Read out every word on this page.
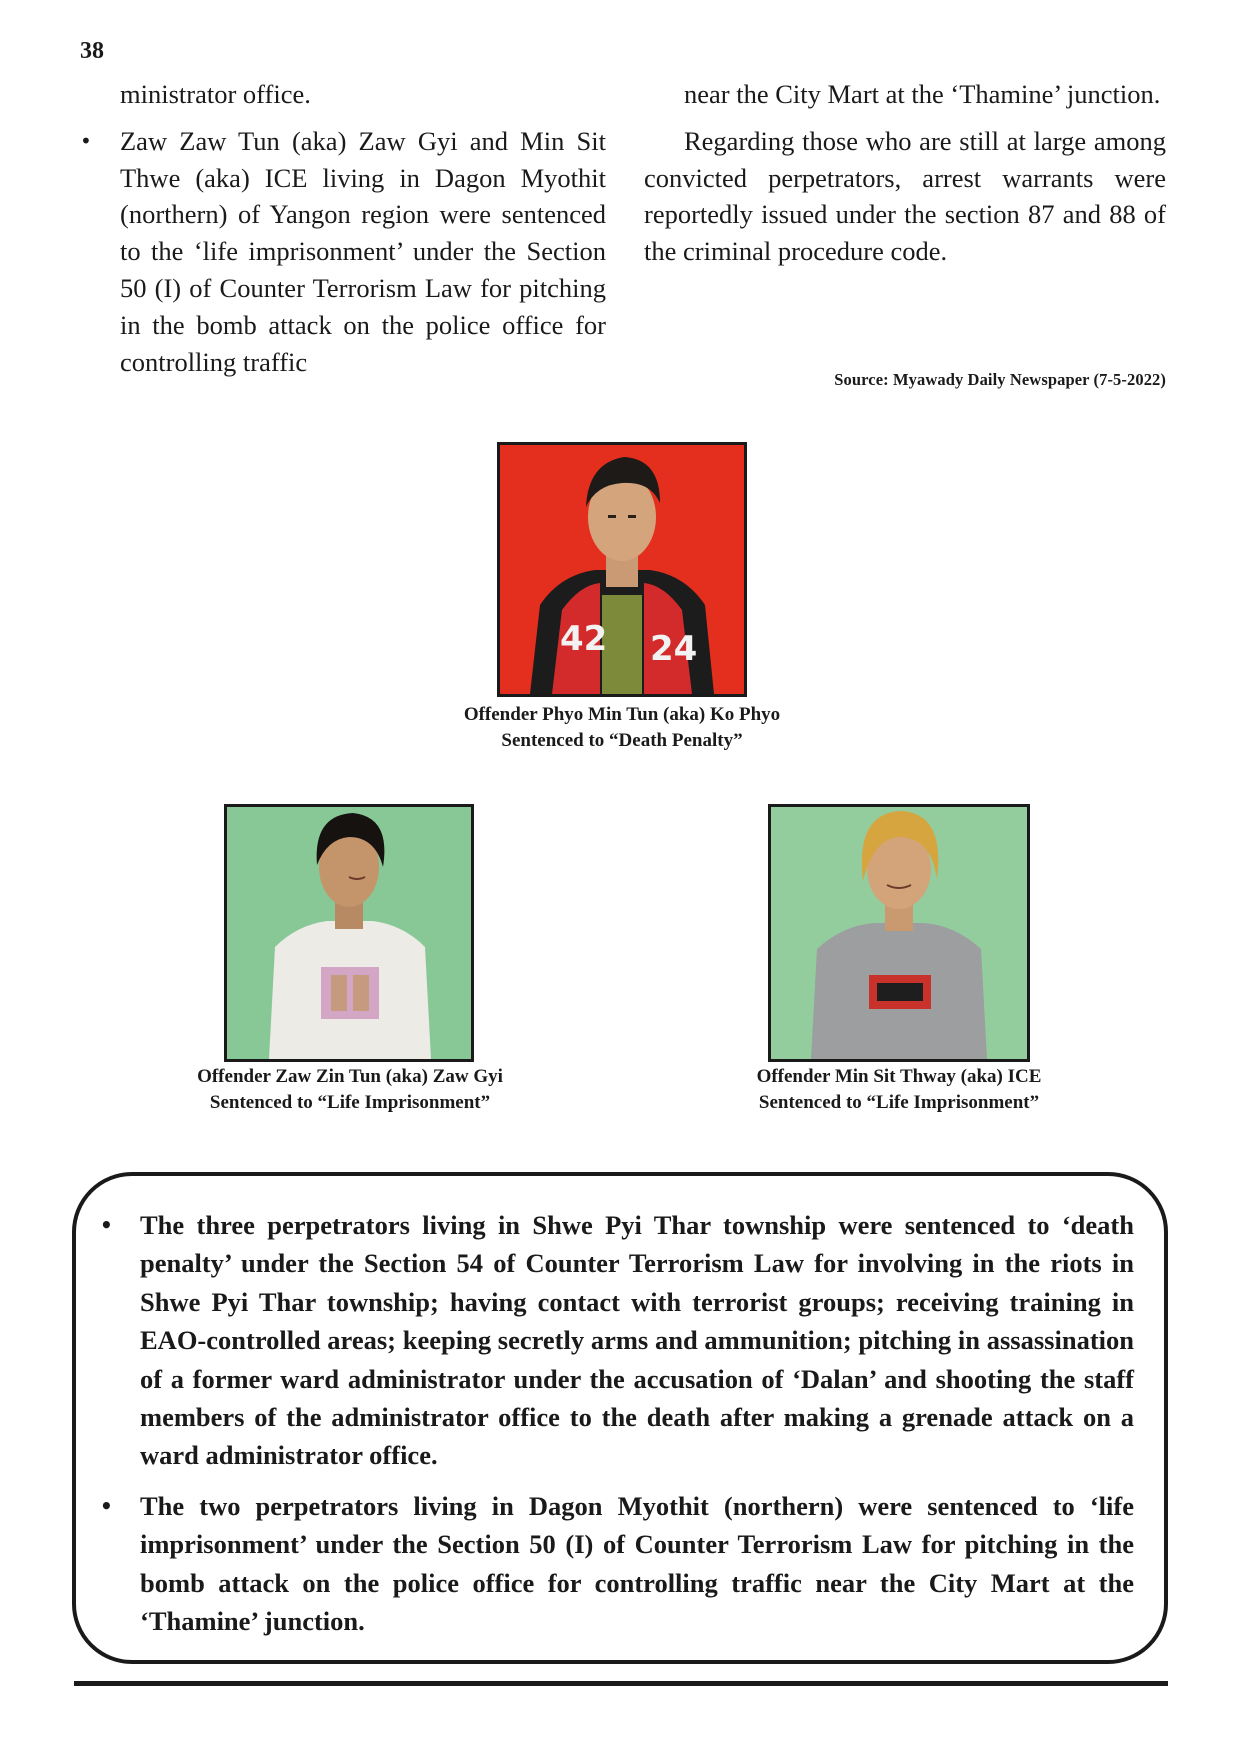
38

ministrator office.

• Zaw Zaw Tun (aka) Zaw Gyi and Min Sit Thwe (aka) ICE living in Dagon Myothit (northern) of Yangon region were sentenced to the ‘life imprisonment’ under the Section 50 (I) of Counter Terrorism Law for pitching in the bomb attack on the police office for controlling traffic

near the City Mart at the ‘Thamine’ junction.

Regarding those who are still at large among convicted perpetrators, arrest warrants were reportedly issued under the section 87 and 88 of the criminal procedure code.

Source: Myawady Daily Newspaper (7-5-2022)
42 24
Offender Phyo Min Tun (aka) Ko Phyo
Sentenced to “Death Penalty”
Offender Zaw Zin Tun (aka) Zaw Gyi
Sentenced to “Life Imprisonment”
Offender Min Sit Thway (aka) ICE
Sentenced to “Life Imprisonment”
• The three perpetrators living in Shwe Pyi Thar township were sentenced to ‘death penalty’ under the Section 54 of Counter Terrorism Law for involving in the riots in Shwe Pyi Thar township; having contact with terrorist groups; receiving training in EAO-controlled areas; keeping secretly arms and ammunition; pitching in assassination of a former ward administrator under the accusation of ‘Dalan’ and shooting the staff members of the administrator office to the death after making a grenade attack on a ward administrator office.
• The two perpetrators living in Dagon Myothit (northern) were sentenced to ‘life imprisonment’ under the Section 50 (I) of Counter Terrorism Law for pitching in the bomb attack on the police office for controlling traffic near the City Mart at the ‘Thamine’ junction.
